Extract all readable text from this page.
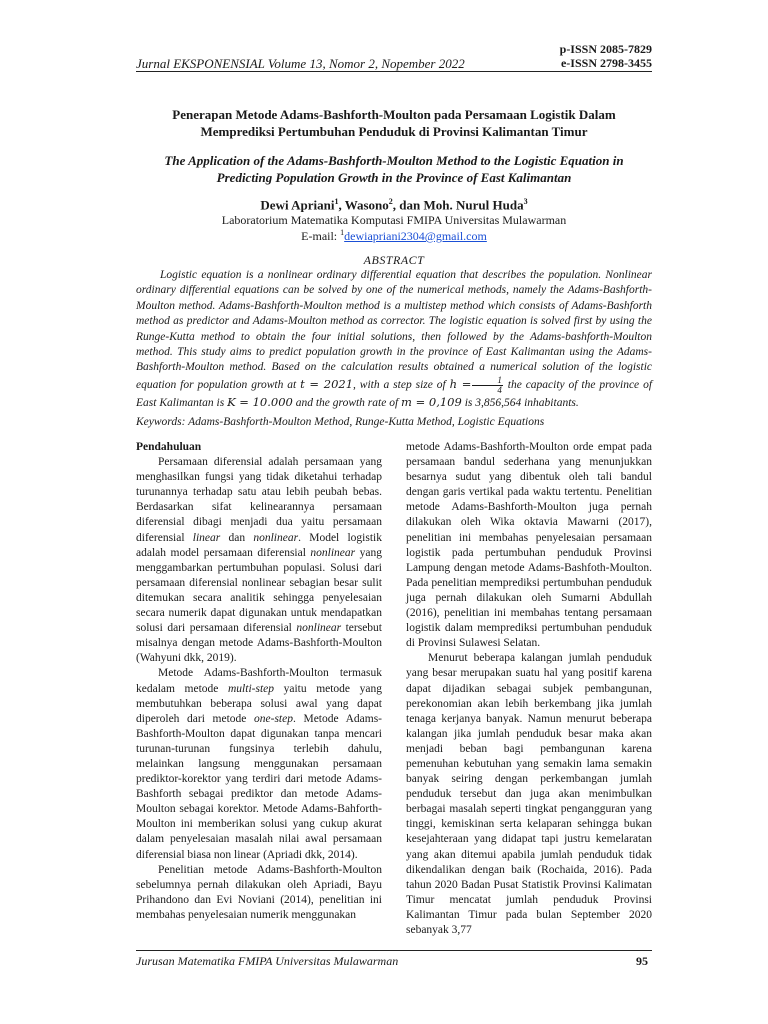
Jurnal EKSPONENSIAL Volume 13, Nomor 2, Nopember 2022
p-ISSN 2085-7829
e-ISSN 2798-3455
Penerapan Metode Adams-Bashforth-Moulton pada Persamaan Logistik Dalam Memprediksi Pertumbuhan Penduduk di Provinsi Kalimantan Timur
The Application of the Adams-Bashforth-Moulton Method to the Logistic Equation in Predicting Population Growth in the Province of East Kalimantan
Dewi Apriani$^1$, Wasono$^2$, dan Moh. Nurul Huda$^3$
Laboratorium Matematika Komputasi FMIPA Universitas Mulawarman
E-mail: $^1$dewiapriani2304@gmail.com
ABSTRACT
Logistic equation is a nonlinear ordinary differential equation that describes the population. Nonlinear ordinary differential equations can be solved by one of the numerical methods, namely the Adams-Bashforth-Moulton method. Adams-Bashforth-Moulton method is a multistep method which consists of Adams-Bashforth method as predictor and Adams-Moulton method as corrector. The logistic equation is solved first by using the Runge-Kutta method to obtain the four initial solutions, then followed by the Adams-bashforth-Moulton method. This study aims to predict population growth in the province of East Kalimantan using the Adams-Bashforth-Moulton method. Based on the calculation results obtained a numerical solution of the logistic equation for population growth at t = 2021, with a step size of $h = \frac{1}{4}$ the capacity of the province of East Kalimantan is K = 10.000 and the growth rate of m = 0,109 is 3,856,564 inhabitants.
Keywords: Adams-Bashforth-Moulton Method, Runge-Kutta Method, Logistic Equations

Pendahuluan

Persamaan diferensial adalah persamaan yang menghasilkan fungsi yang tidak diketahui terhadap turunannya terhadap satu atau lebih peubah bebas. Berdasarkan sifat kelinearannya persamaan diferensial dibagi menjadi dua yaitu persamaan diferensial linear dan nonlinear. Model logistik adalah model persamaan diferensial nonlinear yang menggambarkan pertumbuhan populasi. Solusi dari persamaan diferensial nonlinear sebagian besar sulit ditemukan secara analitik sehingga penyelesaian secara numerik dapat digunakan untuk mendapatkan solusi dari persamaan diferensial nonlinear tersebut misalnya dengan metode Adams-Bashforth-Moulton (Wahyuni dkk, 2019).

Metode Adams-Bashforth-Moulton termasuk kedalam metode multi-step yaitu metode yang membutuhkan beberapa solusi awal yang dapat diperoleh dari metode one-step. Metode Adams-Bashforth-Moulton dapat digunakan tanpa mencari turunan-turunan fungsinya terlebih dahulu, melainkan langsung menggunakan persamaan prediktor-korektor yang terdiri dari metode Adams-Bashforth sebagai prediktor dan metode Adams-Moulton sebagai korektor. Metode Adams-Bahforth-Moulton ini memberikan solusi yang cukup akurat dalam penyelesaian masalah nilai awal persamaan diferensial biasa non linear (Apriadi dkk, 2014).

Penelitian metode Adams-Bashforth-Moulton sebelumnya pernah dilakukan oleh Apriadi, Bayu Prihandono dan Evi Noviani (2014), penelitian ini membahas penyelesaian numerik menggunakan

metode Adams-Bashforth-Moulton orde empat pada persamaan bandul sederhana yang menunjukkan besarnya sudut yang dibentuk oleh tali bandul dengan garis vertikal pada waktu tertentu. Penelitian metode Adams-Bashforth-Moulton juga pernah dilakukan oleh Wika oktavia Mawarni (2017), penelitian ini membahas penyelesaian persamaan logistik pada pertumbuhan penduduk Provinsi Lampung dengan metode Adams-Bashfoth-Moulton. Pada penelitian memprediksi pertumbuhan penduduk juga pernah dilakukan oleh Sumarni Abdullah (2016), penelitian ini membahas tentang persamaan logistik dalam memprediksi pertumbuhan penduduk di Provinsi Sulawesi Selatan.

Menurut beberapa kalangan jumlah penduduk yang besar merupakan suatu hal yang positif karena dapat dijadikan sebagai subjek pembangunan, perekonomian akan lebih berkembang jika jumlah tenaga kerjanya banyak. Namun menurut beberapa kalangan jika jumlah penduduk besar maka akan menjadi beban bagi pembangunan karena pemenuhan kebutuhan yang semakin lama semakin banyak seiring dengan perkembangan jumlah penduduk tersebut dan juga akan menimbulkan berbagai masalah seperti tingkat pengangguran yang tinggi, kemiskinan serta kelaparan sehingga bukan kesejahteraan yang didapat tapi justru kemelaratan yang akan ditemui apabila jumlah penduduk tidak dikendalikan dengan baik (Rochaida, 2016). Pada tahun 2020 Badan Pusat Statistik Provinsi Kalimatan Timur mencatat jumlah penduduk Provinsi Kalimantan Timur pada bulan September 2020 sebanyak 3,77

Jurusan Matematika FMIPA Universitas Mulawarman	95
